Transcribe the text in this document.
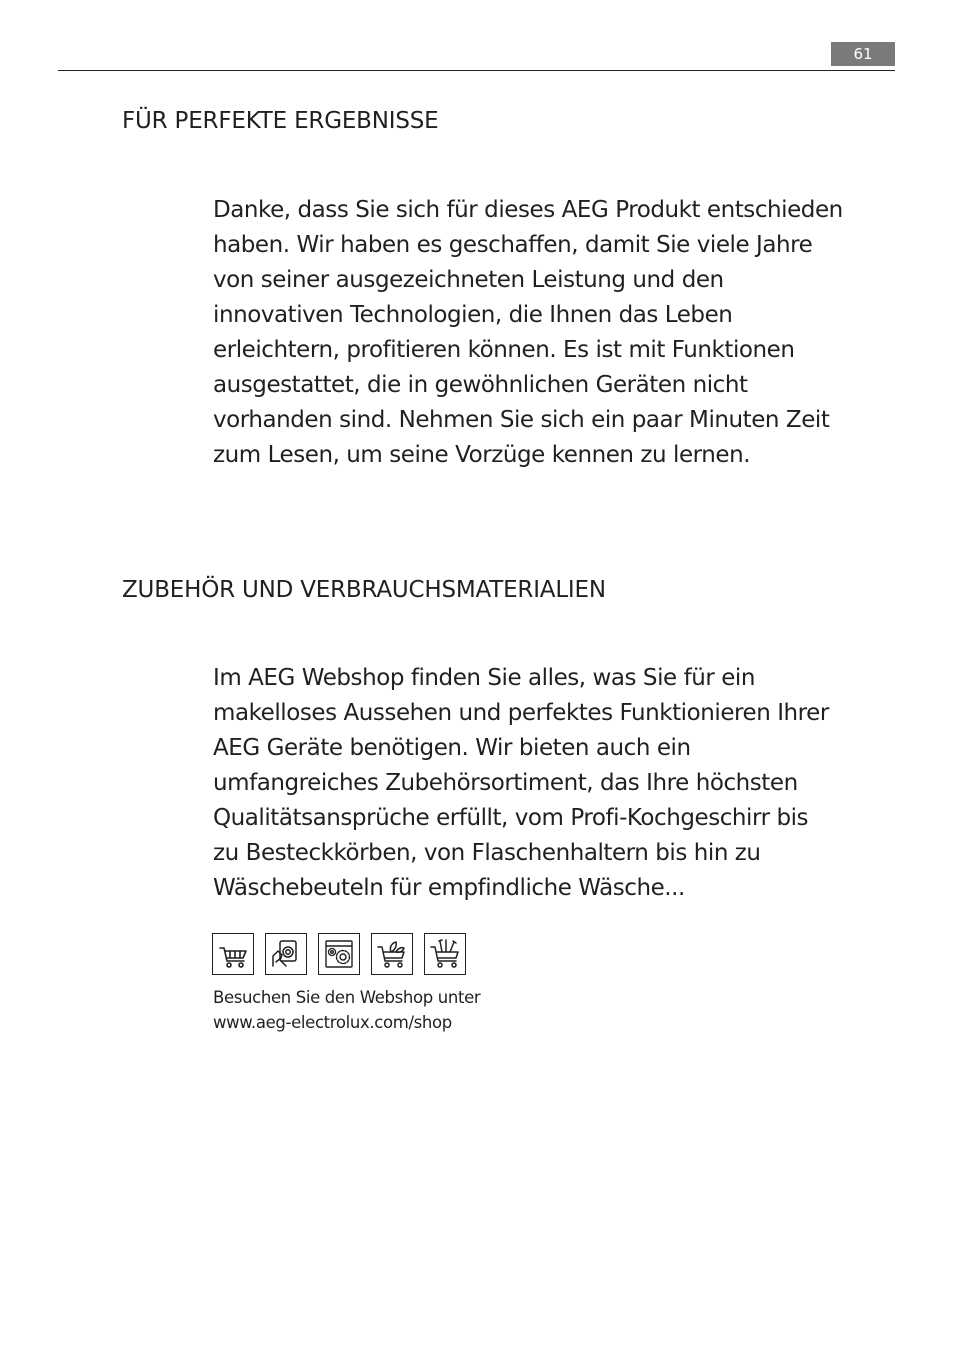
61
FÜR PERFEKTE ERGEBNISSE

Danke, dass Sie sich für dieses AEG Produkt entschieden
haben. Wir haben es geschaffen, damit Sie viele Jahre
von seiner ausgezeichneten Leistung und den
innovativen Technologien, die Ihnen das Leben
erleichtern, profitieren können. Es ist mit Funktionen
ausgestattet, die in gewöhnlichen Geräten nicht
vorhanden sind. Nehmen Sie sich ein paar Minuten Zeit
zum Lesen, um seine Vorzüge kennen zu lernen.

ZUBEHÖR UND VERBRAUCHSMATERIALIEN

Im AEG Webshop finden Sie alles, was Sie für ein
makelloses Aussehen und perfektes Funktionieren Ihrer
AEG Geräte benötigen. Wir bieten auch ein
umfangreiches Zubehörsortiment, das Ihre höchsten
Qualitätsansprüche erfüllt, vom Profi-Kochgeschirr bis
zu Besteckkörben, von Flaschenhaltern bis hin zu
Wäschebeuteln für empfindliche Wäsche...

Besuchen Sie den Webshop unter
www.aeg-electrolux.com/shop
